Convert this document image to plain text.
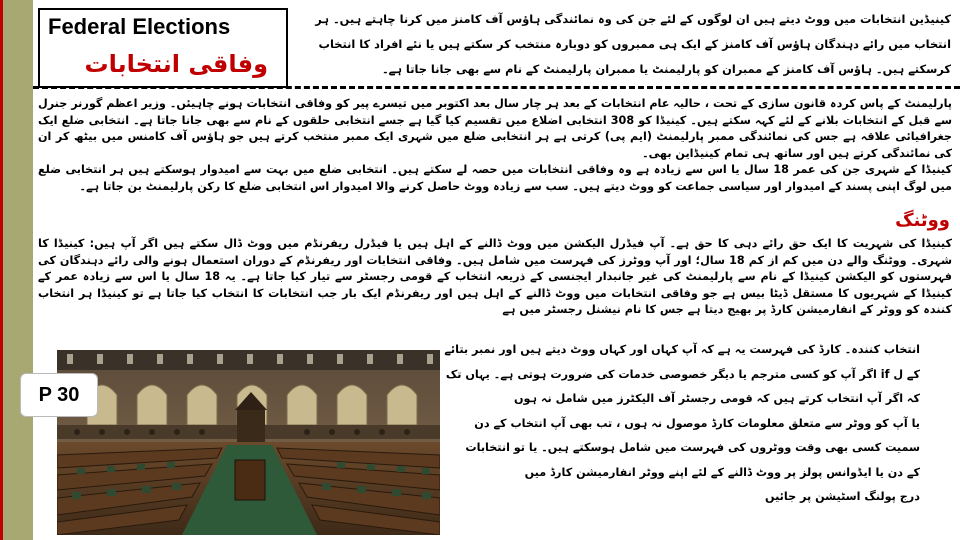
Federal Elections
وفاقی انتخابات
کینیڈین انتخابات میں ووٹ دیتے ہیں ان لوگوں کے لئے جن کی وہ نمائندگی ہاؤس آف کامنز میں کرنا چاہتے ہیں۔ ہر
انتخاب میں رائے دہندگان ہاؤس آف کامنز کے ایک ہی ممبروں کو دوبارہ منتخب کر سکتے ہیں یا نئے افراد کا انتخاب
کرسکتے ہیں۔ ہاؤس آف کامنز کے ممبران کو پارلیمنٹ یا ممبران پارلیمنٹ کے نام سے بھی جانا جاتا ہے۔

پارلیمنٹ کے پاس کردہ قانون سازی کے تحت ، حالیہ عام انتخابات کے بعد ہر چار سال بعد اکتوبر میں تیسرے پیر کو وفاقی انتخابات ہونے چاہیئں۔ وزیر اعظم گورنر جنرل سے قبل کے انتخابات بلانے کے لئے کہہ سکتے ہیں۔ کینیڈا کو 308 انتخابی اضلاع میں تقسیم کیا گیا ہے جسے انتخابی حلقوں کے نام سے بھی جانا جاتا ہے۔ انتخابی ضلع ایک جغرافیائی علاقہ ہے جس کی نمائندگی ممبر پارلیمنٹ (ایم پی) کرتی ہے ہر انتخابی ضلع میں شہری ایک ممبر منتخب کرتے ہیں جو ہاؤس آف کامنس میں بیٹھ کر ان کی نمائندگی کرتے ہیں اور ساتھ ہی تمام کینیڈاین بھی۔

کینیڈا کے شہری جن کی عمر 18 سال یا اس سے زیادہ ہے وہ وفاقی انتخابات میں حصہ لے سکتے ہیں۔ انتخابی ضلع میں بہت سے امیدوار ہوسکتے ہیں ہر انتخابی ضلع میں لوگ اپنی پسند کے امیدوار اور سیاسی جماعت کو ووٹ دیتے ہیں۔ سب سے زیادہ ووٹ حاصل کرنے والا امیدوار اس انتخابی ضلع کا رکن پارلیمنٹ بن جاتا ہے۔

ووٹنگ
کینیڈا کی شہریت کا ایک حق رائے دہی کا حق ہے۔ آپ فیڈرل الیکشن میں ووٹ ڈالنے کے اہل ہیں یا فیڈرل ریفرنڈم میں ووٹ ڈال سکتے ہیں اگر آپ ہیں: کینیڈا کا شہری۔ ووٹنگ والے دن میں کم از کم 18 سال؛ اور آپ ووٹرز کی فہرست میں شامل ہیں۔ وفاقی انتخابات اور ریفرنڈم کے دوران استعمال ہونے والی رائے دہندگان کی فہرستوں کو الیکشن کینیڈا کے نام سے پارلیمنٹ کی غیر جانبدار ایجنسی کے ذریعہ انتخاب کے قومی رجسٹر سے تیار کیا جاتا ہے۔ یہ 18 سال یا اس سے زیادہ عمر کے کینیڈا کے شہریوں کا مستقل ڈیٹا بیس ہے جو وفاقی انتخابات میں ووٹ ڈالنے کے اہل ہیں اور ریفرنڈم ایک بار جب انتخابات کا انتخاب کیا جاتا ہے تو کینیڈا ہر انتخاب کنندہ کو ووٹر کے انفارمیشن کارڈ پر بھیج دیتا ہے جس کا نام نیشنل رجسٹر میں ہے

انتخاب کنندہ۔ کارڈ کی فہرست یہ ہے کہ آپ کہاں اور کہاں ووٹ دیتے ہیں اور نمبر بتائے

کے ل if اگر آپ کو کسی مترجم یا دیگر خصوصی خدمات کی ضرورت ہوتی ہے۔ یہاں تک

کہ اگر آپ انتخاب کرتے ہیں کہ قومی رجسٹر آف الیکٹرز میں شامل نہ ہوں

یا آپ کو ووٹر سے متعلق معلومات کارڈ موصول نہ ہوں ، تب بھی آپ انتخاب کے دن

سمیت کسی بھی وقت ووٹروں کی فہرست میں شامل ہوسکتے ہیں۔ یا تو انتخابات

کے دن یا ایڈوانس پولز پر ووٹ ڈالنے کے لئے اپنے ووٹر انفارمیشن کارڈ میں

درج پولنگ اسٹیشن پر جائیں

P 30
